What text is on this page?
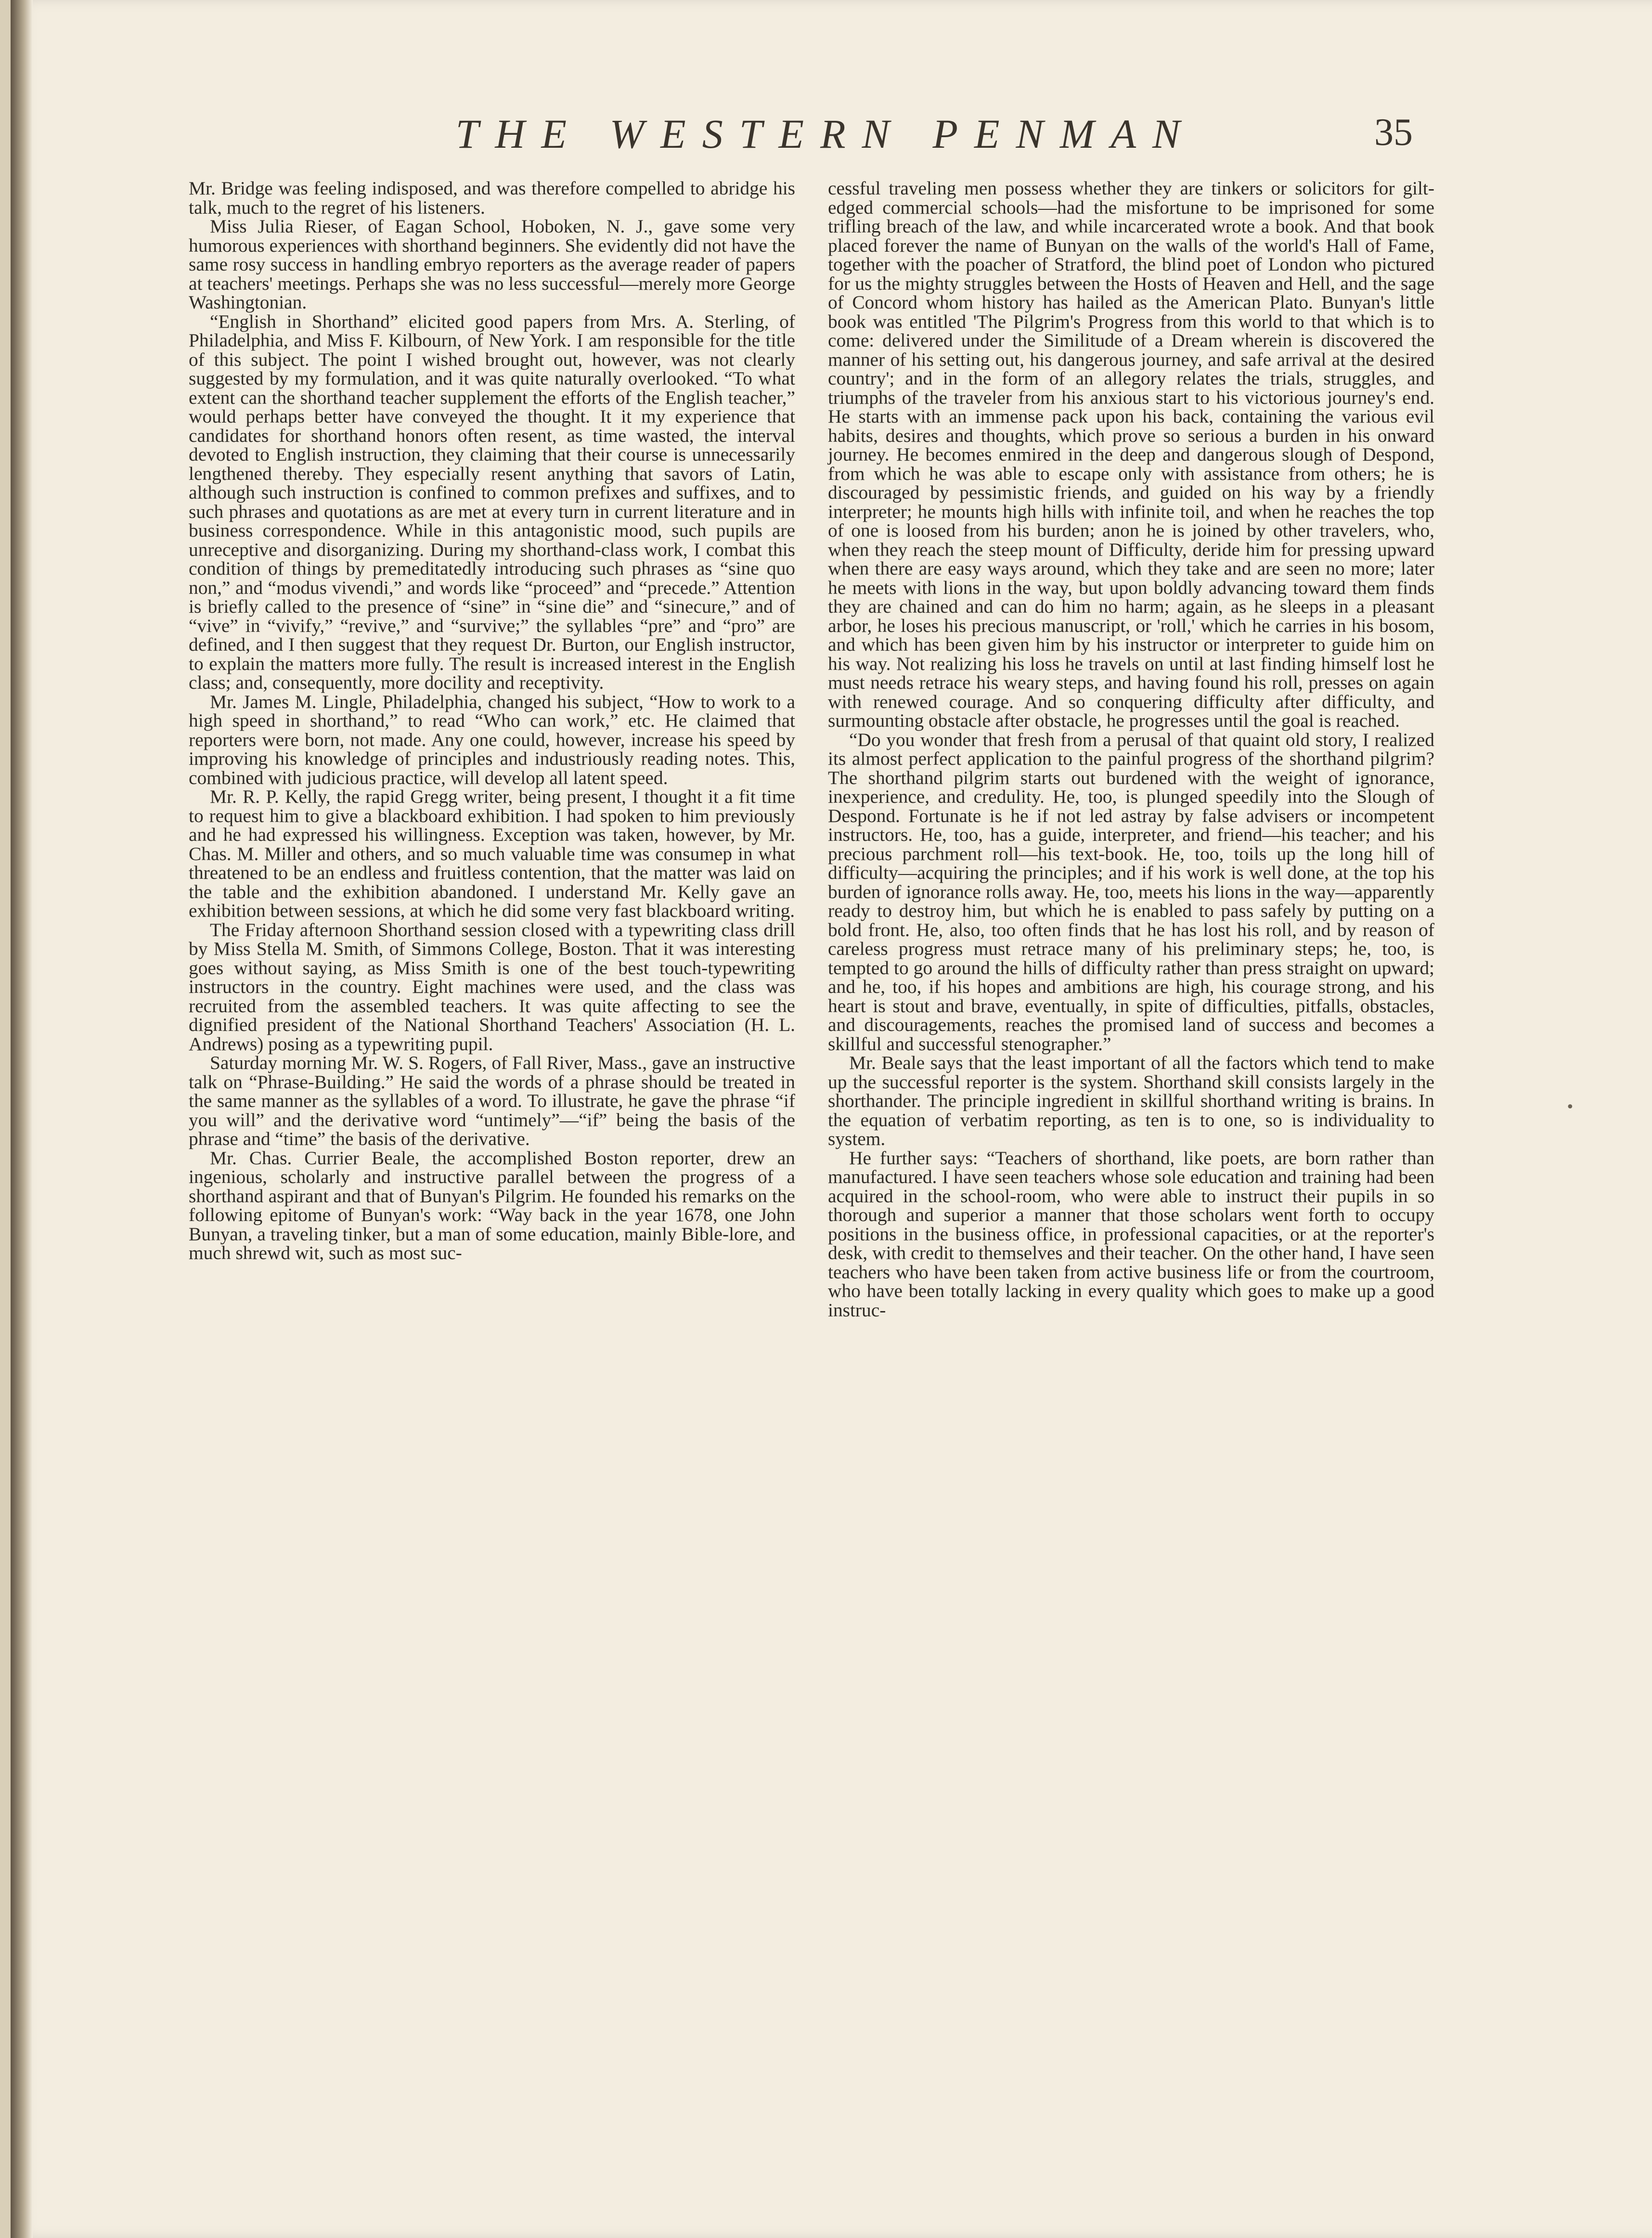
THE WESTERN PENMAN	35

Mr. Bridge was feeling indisposed, and was therefore compelled to abridge his talk, much to the regret of his listeners.

Miss Julia Rieser, of Eagan School, Hoboken, N. J., gave some very humorous experiences with shorthand beginners. She evidently did not have the same rosy success in handling embryo reporters as the average reader of papers at teachers' meetings. Perhaps she was no less successful—merely more George Washingtonian.

“English in Shorthand” elicited good papers from Mrs. A. Sterling, of Philadelphia, and Miss F. Kilbourn, of New York. I am responsible for the title of this subject. The point I wished brought out, however, was not clearly suggested by my formulation, and it was quite naturally overlooked. “To what extent can the shorthand teacher supplement the efforts of the English teacher,” would perhaps better have conveyed the thought. It it my experience that candidates for shorthand honors often resent, as time wasted, the interval devoted to English instruction, they claiming that their course is unnecessarily lengthened thereby. They especially resent anything that savors of Latin, although such instruction is confined to common prefixes and suffixes, and to such phrases and quotations as are met at every turn in current literature and in business correspondence. While in this antagonistic mood, such pupils are unreceptive and disorganizing. During my shorthand-class work, I combat this condition of things by premeditatedly introducing such phrases as “sine quo non,” and “modus vivendi,” and words like “proceed” and “precede.” Attention is briefly called to the presence of “sine” in “sine die” and “sinecure,” and of “vive” in “vivify,” “revive,” and “survive;” the syllables “pre” and “pro” are defined, and I then suggest that they request Dr. Burton, our English instructor, to explain the matters more fully. The result is increased interest in the English class; and, consequently, more docility and receptivity.

Mr. James M. Lingle, Philadelphia, changed his subject, “How to work to a high speed in shorthand,” to read “Who can work,” etc. He claimed that reporters were born, not made. Any one could, however, increase his speed by improving his knowledge of principles and industriously reading notes. This, combined with judicious practice, will develop all latent speed.

Mr. R. P. Kelly, the rapid Gregg writer, being present, I thought it a fit time to request him to give a blackboard exhibition. I had spoken to him previously and he had expressed his willingness. Exception was taken, however, by Mr. Chas. M. Miller and others, and so much valuable time was consumep in what threatened to be an endless and fruitless contention, that the matter was laid on the table and the exhibition abandoned. I understand Mr. Kelly gave an exhibition between sessions, at which he did some very fast blackboard writing.

The Friday afternoon Shorthand session closed with a typewriting class drill by Miss Stella M. Smith, of Simmons College, Boston. That it was interesting goes without saying, as Miss Smith is one of the best touch-typewriting instructors in the country. Eight machines were used, and the class was recruited from the assembled teachers. It was quite affecting to see the dignified president of the National Shorthand Teachers' Association (H. L. Andrews) posing as a typewriting pupil.

Saturday morning Mr. W. S. Rogers, of Fall River, Mass., gave an instructive talk on “Phrase-Building.” He said the words of a phrase should be treated in the same manner as the syllables of a word. To illustrate, he gave the phrase “if you will” and the derivative word “untimely”—“if” being the basis of the phrase and “time” the basis of the derivative.

Mr. Chas. Currier Beale, the accomplished Boston reporter, drew an ingenious, scholarly and instructive parallel between the progress of a shorthand aspirant and that of Bunyan's Pilgrim. He founded his remarks on the following epitome of Bunyan's work: “Way back in the year 1678, one John Bunyan, a traveling tinker, but a man of some education, mainly Bible-lore, and much shrewd wit, such as most suc-

cessful traveling men possess whether they are tinkers or solicitors for gilt-edged commercial schools—had the misfortune to be imprisoned for some trifling breach of the law, and while incarcerated wrote a book. And that book placed forever the name of Bunyan on the walls of the world's Hall of Fame, together with the poacher of Stratford, the blind poet of London who pictured for us the mighty struggles between the Hosts of Heaven and Hell, and the sage of Concord whom history has hailed as the American Plato. Bunyan's little book was entitled 'The Pilgrim's Progress from this world to that which is to come: delivered under the Similitude of a Dream wherein is discovered the manner of his setting out, his dangerous journey, and safe arrival at the desired country'; and in the form of an allegory relates the trials, struggles, and triumphs of the traveler from his anxious start to his victorious journey's end. He starts with an immense pack upon his back, containing the various evil habits, desires and thoughts, which prove so serious a burden in his onward journey. He becomes enmired in the deep and dangerous slough of Despond, from which he was able to escape only with assistance from others; he is discouraged by pessimistic friends, and guided on his way by a friendly interpreter; he mounts high hills with infinite toil, and when he reaches the top of one is loosed from his burden; anon he is joined by other travelers, who, when they reach the steep mount of Difficulty, deride him for pressing upward when there are easy ways around, which they take and are seen no more; later he meets with lions in the way, but upon boldly advancing toward them finds they are chained and can do him no harm; again, as he sleeps in a pleasant arbor, he loses his precious manuscript, or 'roll,' which he carries in his bosom, and which has been given him by his instructor or interpreter to guide him on his way. Not realizing his loss he travels on until at last finding himself lost he must needs retrace his weary steps, and having found his roll, presses on again with renewed courage. And so conquering difficulty after difficulty, and surmounting obstacle after obstacle, he progresses until the goal is reached.

“Do you wonder that fresh from a perusal of that quaint old story, I realized its almost perfect application to the painful progress of the shorthand pilgrim? The shorthand pilgrim starts out burdened with the weight of ignorance, inexperience, and credulity. He, too, is plunged speedily into the Slough of Despond. Fortunate is he if not led astray by false advisers or incompetent instructors. He, too, has a guide, interpreter, and friend—his teacher; and his precious parchment roll—his text-book. He, too, toils up the long hill of difficulty—acquiring the principles; and if his work is well done, at the top his burden of ignorance rolls away. He, too, meets his lions in the way—apparently ready to destroy him, but which he is enabled to pass safely by putting on a bold front. He, also, too often finds that he has lost his roll, and by reason of careless progress must retrace many of his preliminary steps; he, too, is tempted to go around the hills of difficulty rather than press straight on upward; and he, too, if his hopes and ambitions are high, his courage strong, and his heart is stout and brave, eventually, in spite of difficulties, pitfalls, obstacles, and discouragements, reaches the promised land of success and becomes a skillful and successful stenographer.”

Mr. Beale says that the least important of all the factors which tend to make up the successful reporter is the system. Shorthand skill consists largely in the shorthander. The principle ingredient in skillful shorthand writing is brains. In the equation of verbatim reporting, as ten is to one, so is individuality to system.

He further says: “Teachers of shorthand, like poets, are born rather than manufactured. I have seen teachers whose sole education and training had been acquired in the school-room, who were able to instruct their pupils in so thorough and superior a manner that those scholars went forth to occupy positions in the business office, in professional capacities, or at the reporter's desk, with credit to themselves and their teacher. On the other hand, I have seen teachers who have been taken from active business life or from the courtroom, who have been totally lacking in every quality which goes to make up a good instruc-

•
